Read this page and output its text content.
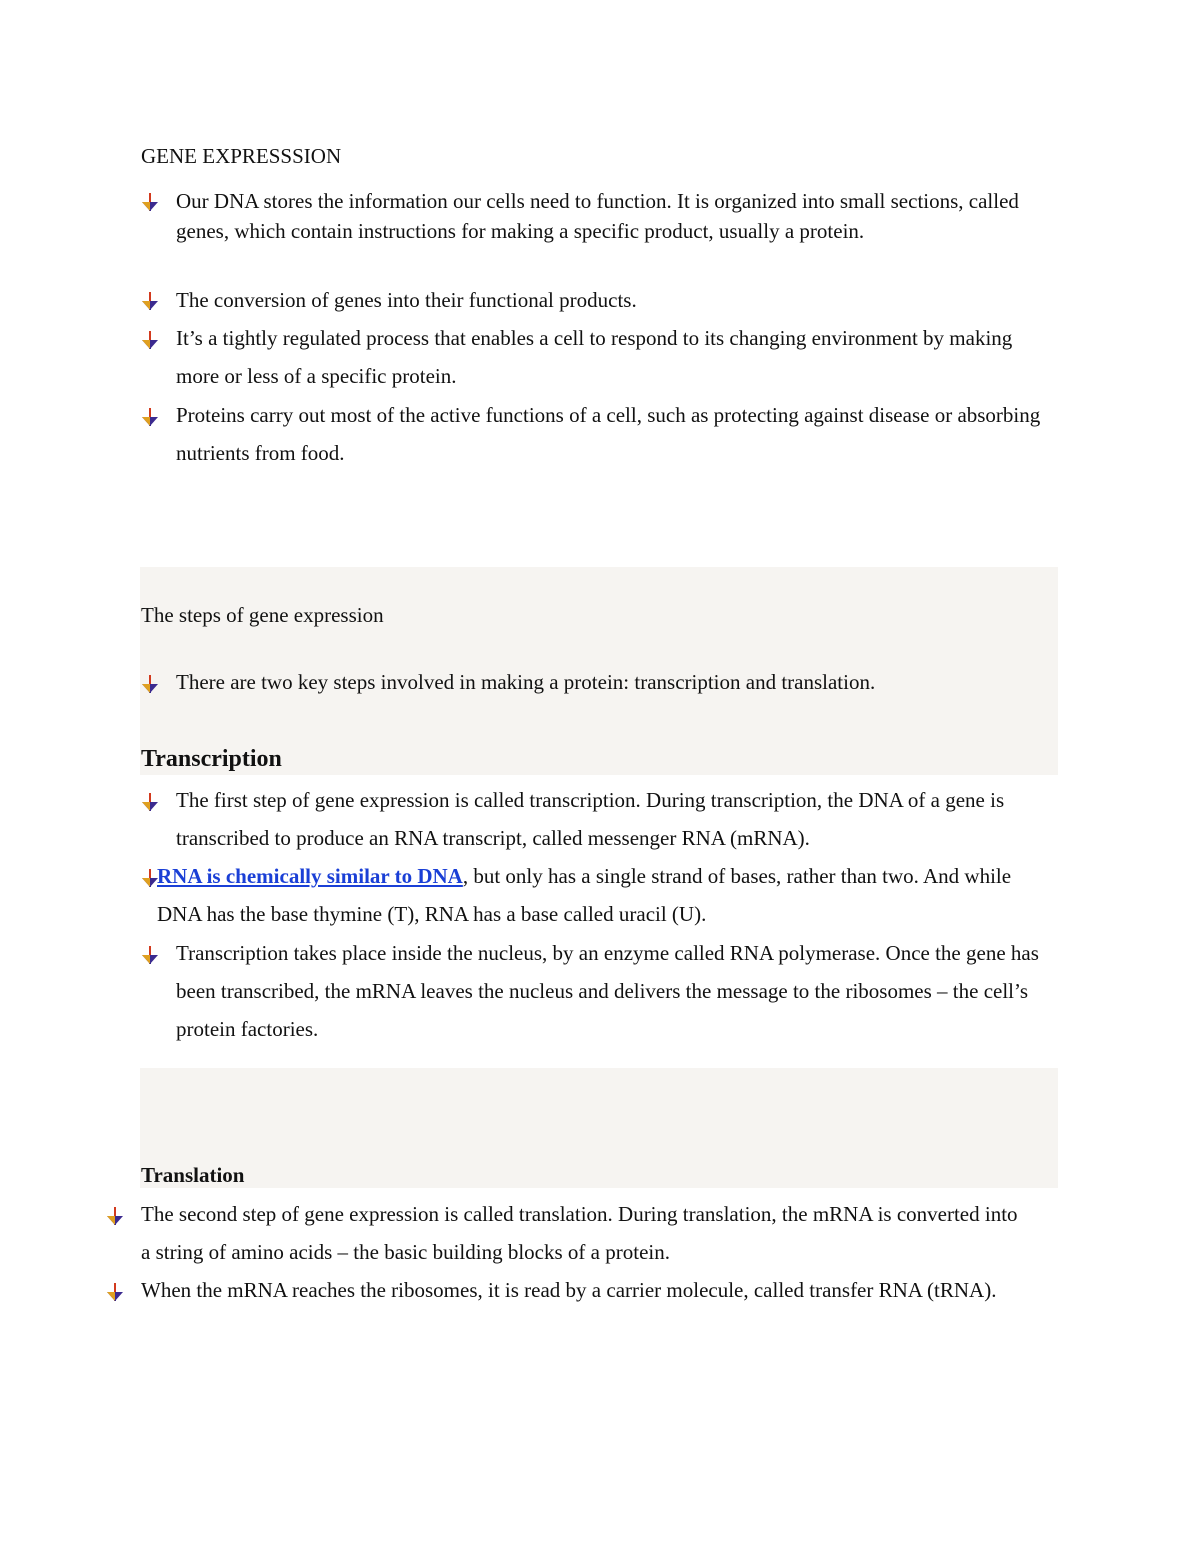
GENE EXPRESSSION
Our DNA stores the information our cells need to function. It is organized into small sections, called genes, which contain instructions for making a specific product, usually a protein.
The conversion of genes into their functional products.
It’s a tightly regulated process that enables a cell to respond to its changing environment by making more or less of a specific protein.
Proteins carry out most of the active functions of a cell, such as protecting against disease or absorbing nutrients from food.
The steps of gene expression
There are two key steps involved in making a protein: transcription and translation.
Transcription
The first step of gene expression is called transcription. During transcription, the DNA of a gene is transcribed to produce an RNA transcript, called messenger RNA (mRNA).
RNA is chemically similar to DNA, but only has a single strand of bases, rather than two. And while DNA has the base thymine (T), RNA has a base called uracil (U).
Transcription takes place inside the nucleus, by an enzyme called RNA polymerase. Once the gene has been transcribed, the mRNA leaves the nucleus and delivers the message to the ribosomes – the cell’s protein factories.
Translation
The second step of gene expression is called translation. During translation, the mRNA is converted into a string of amino acids – the basic building blocks of a protein.
When the mRNA reaches the ribosomes, it is read by a carrier molecule, called transfer RNA (tRNA).
